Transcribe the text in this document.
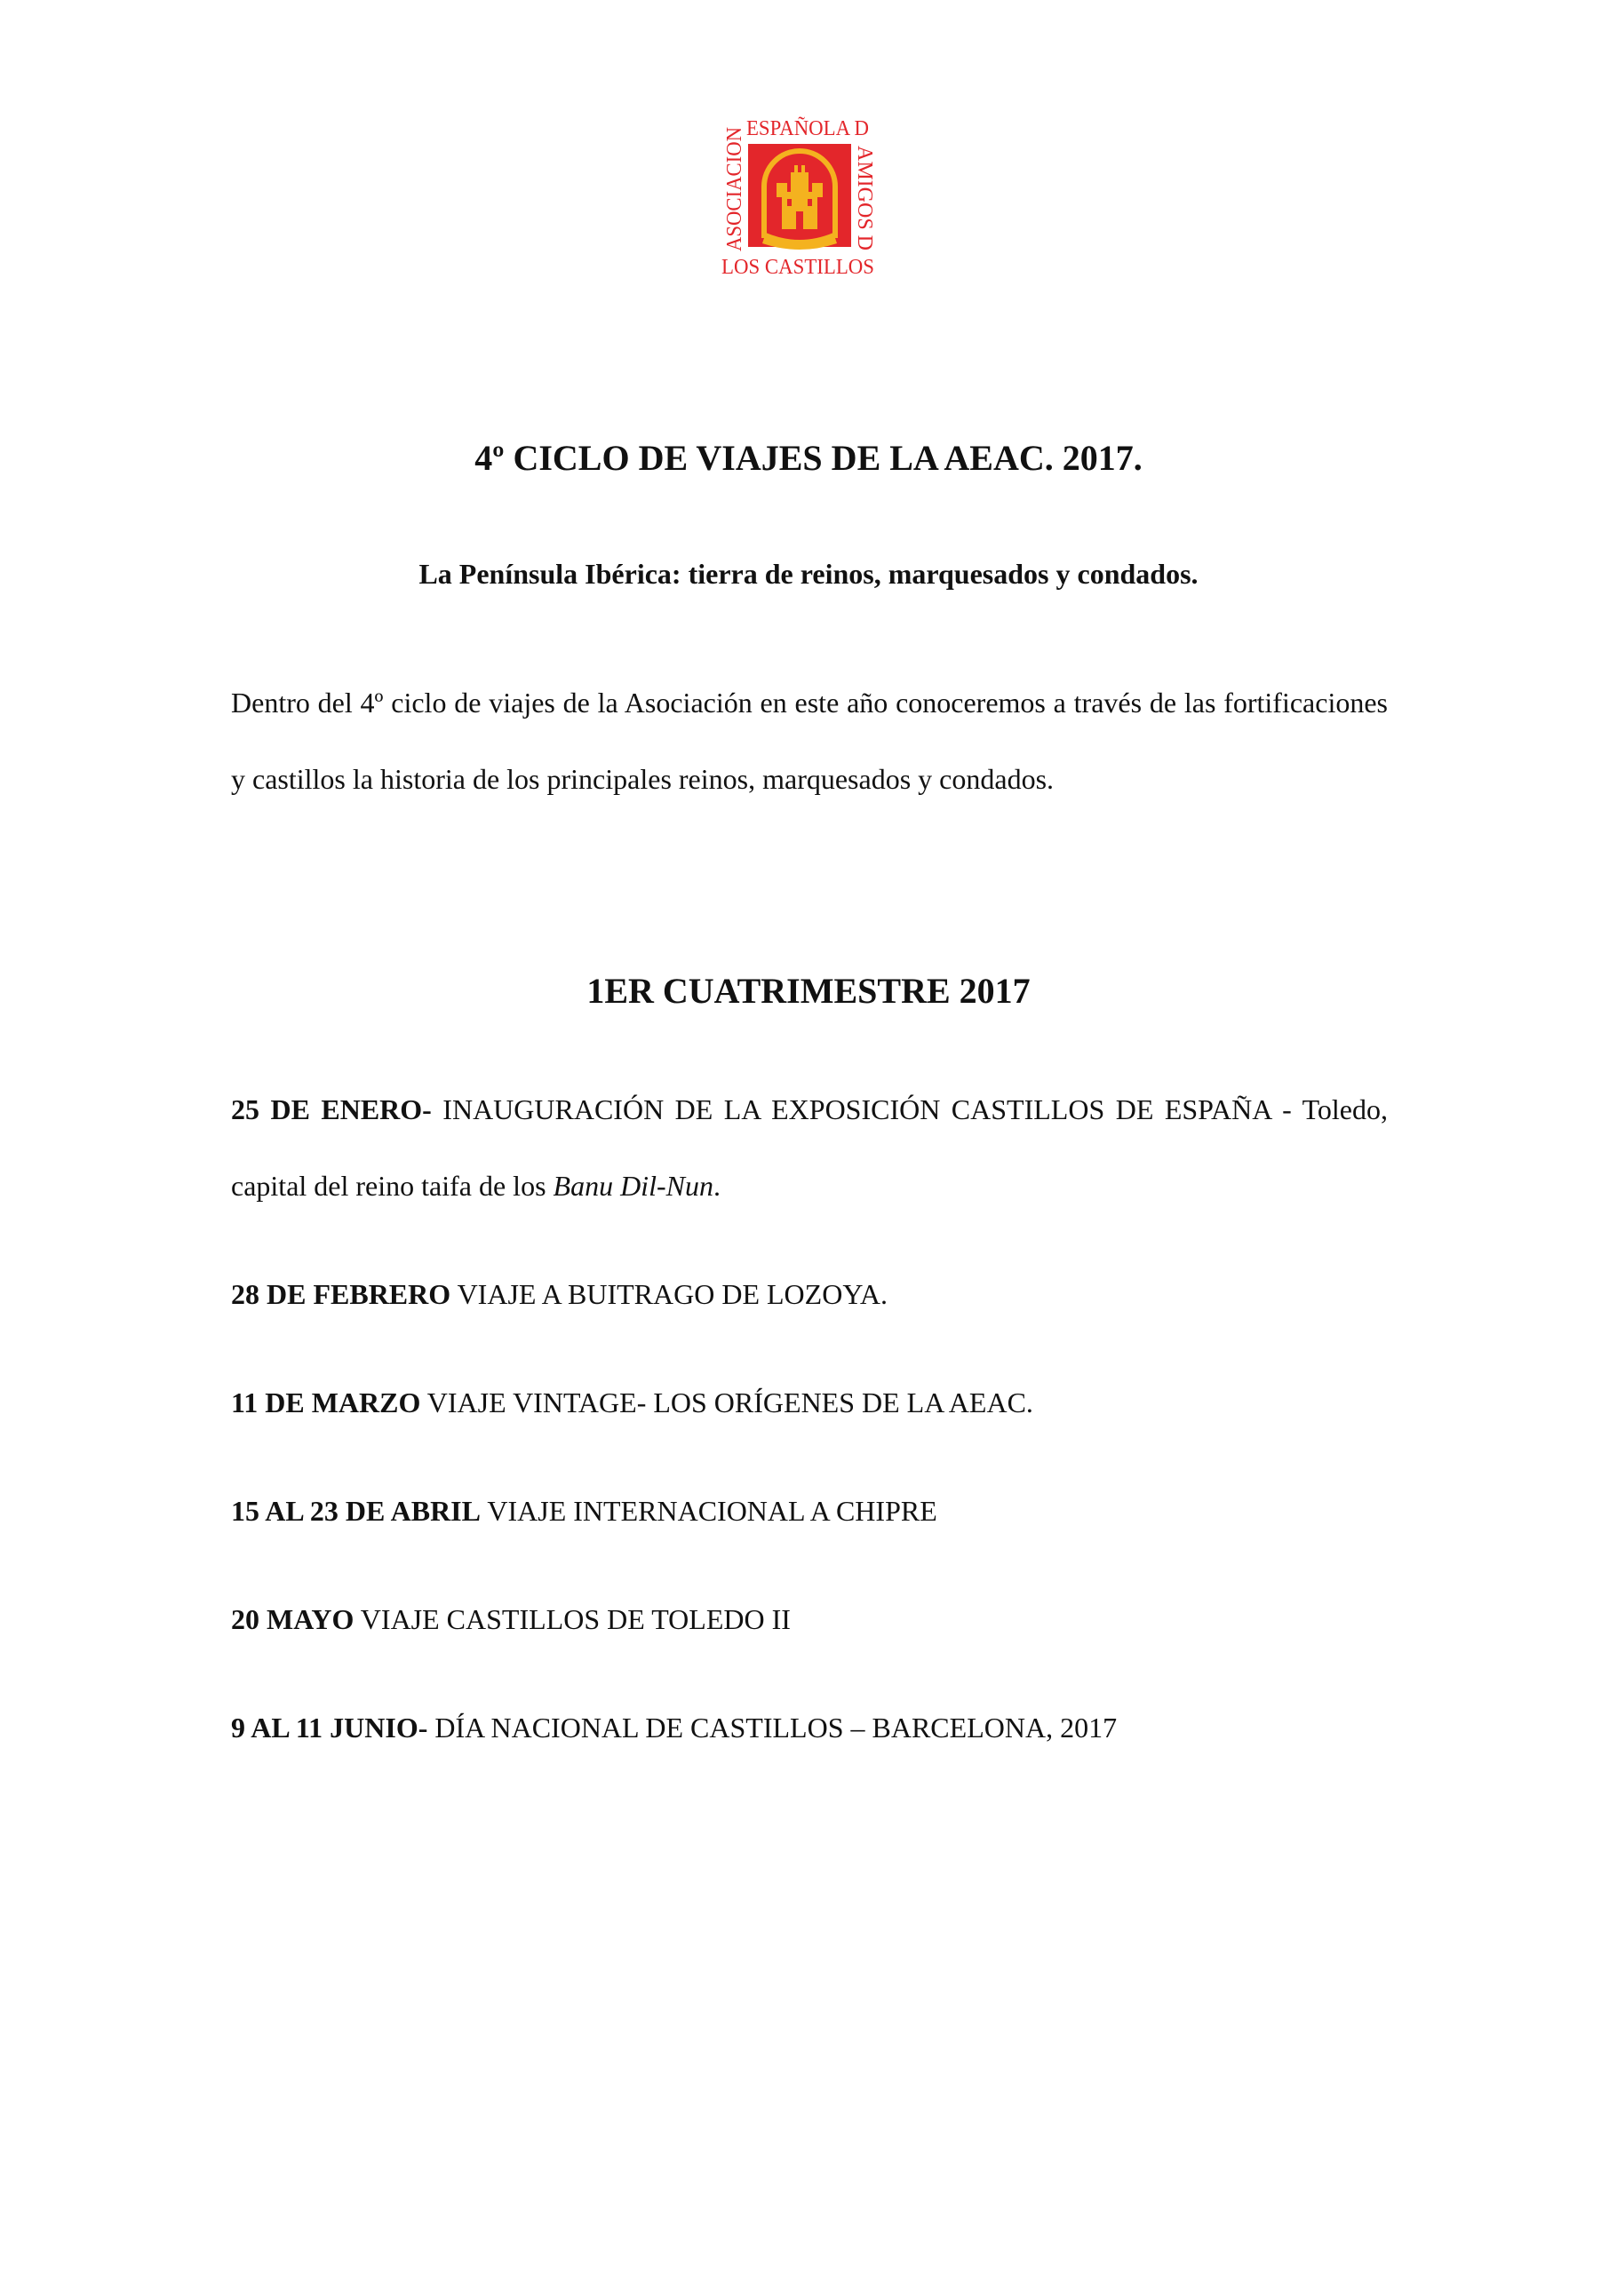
ASOCIACION ESPAÑOLA D
AMIGOS D
LOS CASTILLOS
4º CICLO DE VIAJES DE LA AEAC. 2017.
La Península Ibérica: tierra de reinos, marquesados y condados.
Dentro del 4º ciclo de viajes de la Asociación en este año conoceremos a través de las fortificaciones y castillos la historia de los principales reinos, marquesados y condados.
1ER CUATRIMESTRE 2017
25 DE ENERO- INAUGURACIÓN DE LA EXPOSICIÓN CASTILLOS DE ESPAÑA - Toledo, capital del reino taifa de los Banu Dil-Nun.
28 DE FEBRERO VIAJE A BUITRAGO DE LOZOYA.
11 DE MARZO VIAJE VINTAGE- LOS ORÍGENES DE LA AEAC.
15 AL 23 DE ABRIL VIAJE INTERNACIONAL A CHIPRE
20 MAYO VIAJE CASTILLOS DE TOLEDO II
9 AL 11 JUNIO- DÍA NACIONAL DE CASTILLOS – BARCELONA, 2017
